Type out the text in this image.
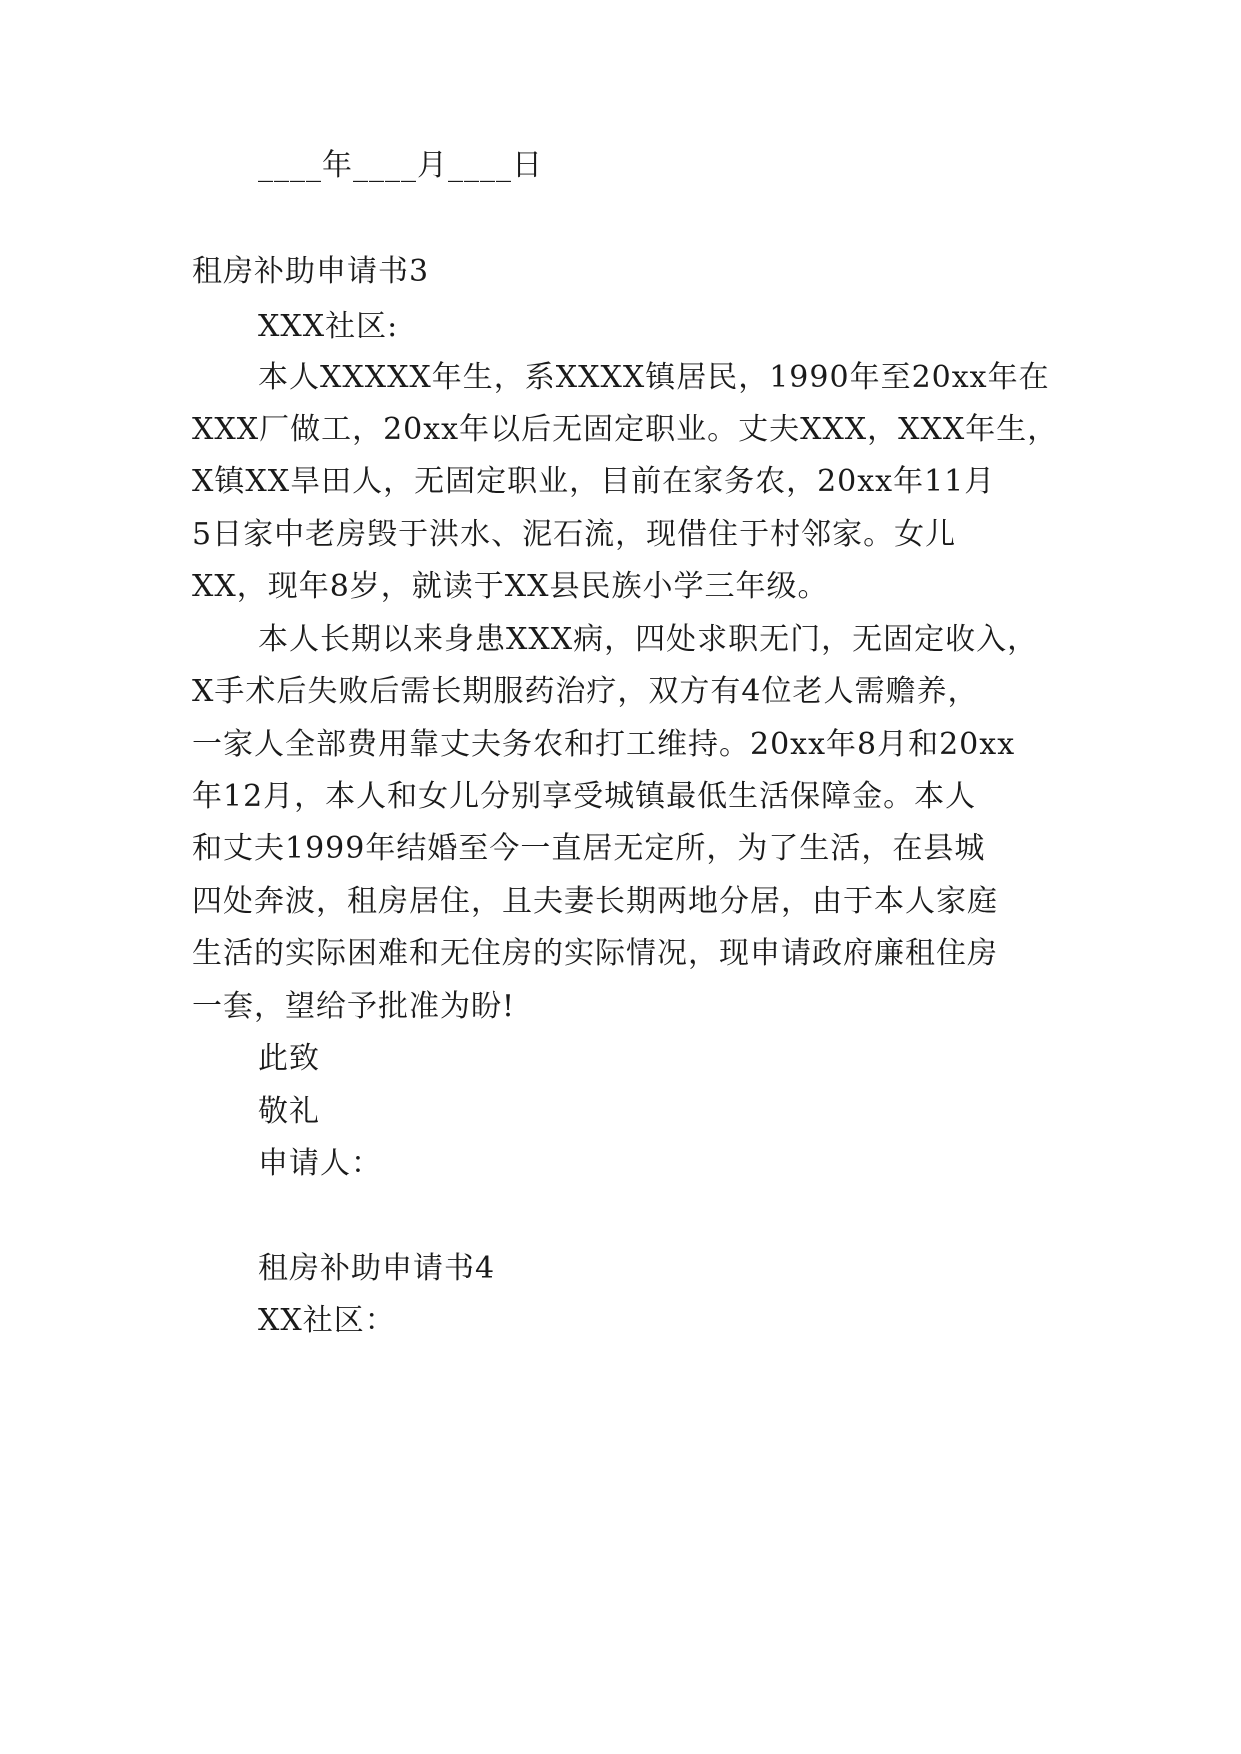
____年____月____日
租房补助申请书3
XXX社区:
本人XXXXX年生，系XXXX镇居民，1990年至20xx年在
XXX厂做工，20xx年以后无固定职业。丈夫XXX，XXX年生，
X镇XX旱田人，无固定职业，目前在家务农，20xx年11月
5日家中老房毁于洪水、泥石流，现借住于村邻家。女儿
XX，现年8岁，就读于XX县民族小学三年级。
本人长期以来身患XXX病，四处求职无门，无固定收入，
X手术后失败后需长期服药治疗，双方有4位老人需赡养，
一家人全部费用靠丈夫务农和打工维持。20xx年8月和20xx
年12月，本人和女儿分别享受城镇最低生活保障金。本人
和丈夫1999年结婚至今一直居无定所，为了生活，在县城
四处奔波，租房居住，且夫妻长期两地分居，由于本人家庭
生活的实际困难和无住房的实际情况，现申请政府廉租住房
一套，望给予批准为盼!
此致
敬礼
申请人：
租房补助申请书4
XX社区：
